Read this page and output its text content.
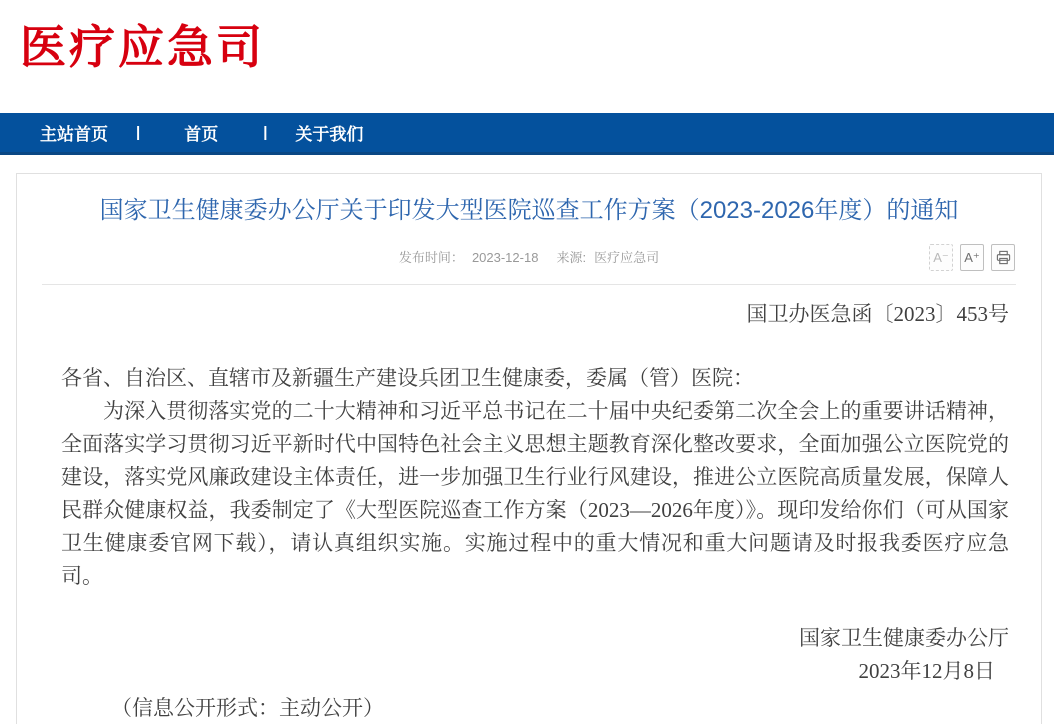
医疗应急司
主站首页 |	首页	| 关于我们
国家卫生健康委办公厅关于印发大型医院巡查工作方案（2023-2026年度）的通知
发布时间： 2023-12-18 来源: 医疗应急司	A⁻ A⁺
国卫办医急函〔2023〕453号

各省、自治区、直辖市及新疆生产建设兵团卫生健康委，委属（管）医院：

为深入贯彻落实党的二十大精神和习近平总书记在二十届中央纪委第二次全会上的重要讲话精神，全面落实学习贯彻习近平新时代中国特色社会主义思想主题教育深化整改要求，全面加强公立医院党的建设，落实党风廉政建设主体责任，进一步加强卫生行业行风建设，推进公立医院高质量发展，保障人民群众健康权益，我委制定了《大型医院巡查工作方案（2023—2026年度）》。现印发给你们（可从国家卫生健康委官网下载），请认真组织实施。实施过程中的重大情况和重大问题请及时报我委医疗应急司。

国家卫生健康委办公厅
2023年12月8日

（信息公开形式：主动公开）
